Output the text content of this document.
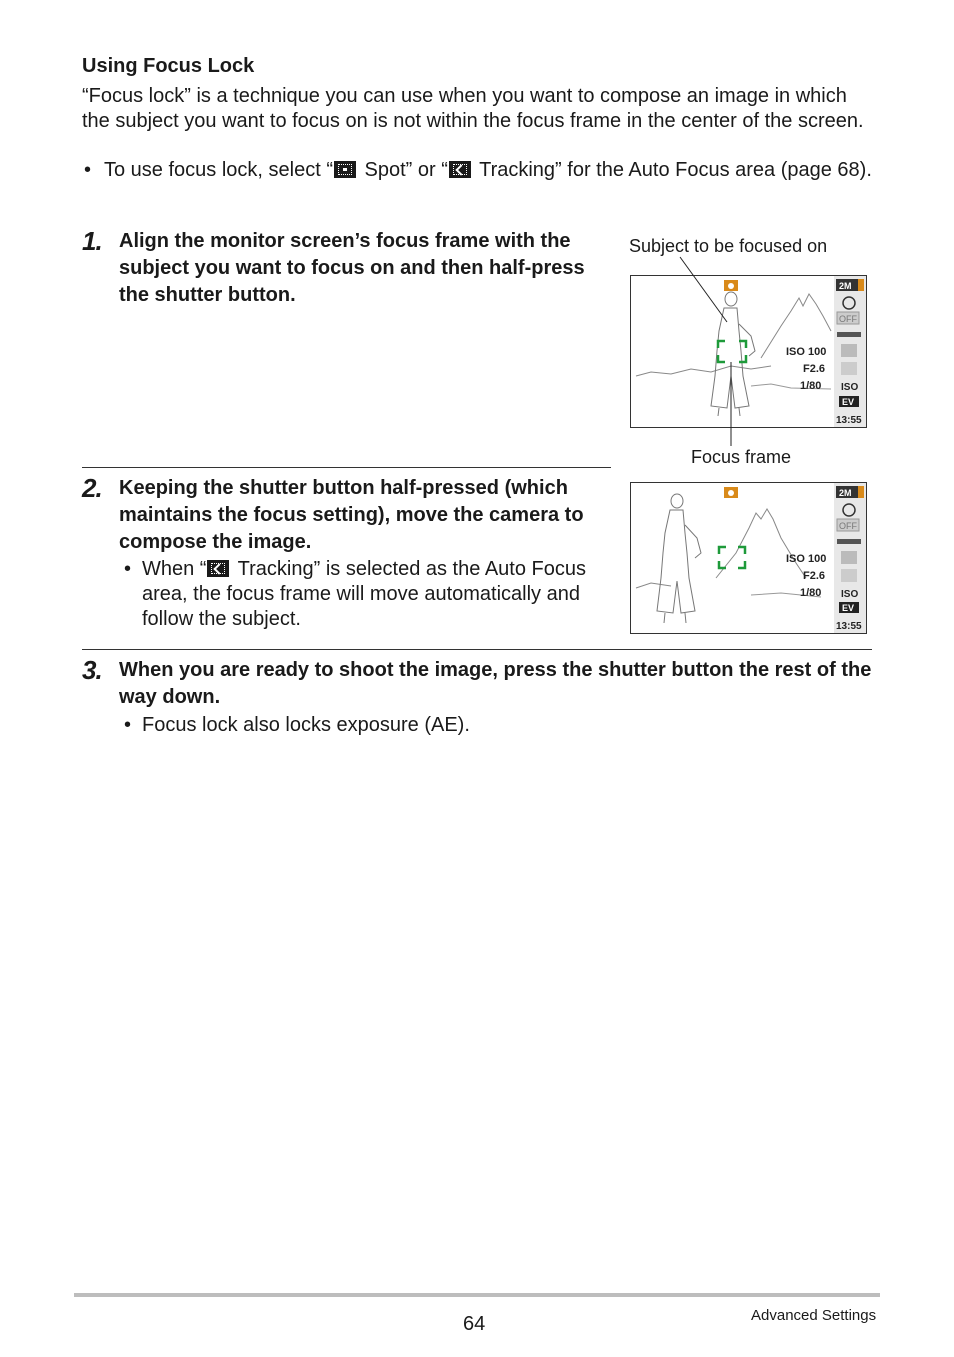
Using Focus Lock
“Focus lock” is a technique you can use when you want to compose an image in which the subject you want to focus on is not within the focus frame in the center of the screen.
• To use focus lock, select “ Spot” or “ Tracking” for the Auto Focus area (page 68).
1. Align the monitor screen’s focus frame with the subject you want to focus on and then half-press the shutter button.
Subject to be focused on
Focus frame
ISO 100
F2.6
1/80
2M
OFF
ISO
EV
13:55
2. Keeping the shutter button half-pressed (which maintains the focus setting), move the camera to compose the image.
• When “ Tracking” is selected as the Auto Focus area, the focus frame will move automatically and follow the subject.
ISO 100
F2.6
1/80
2M
OFF
ISO
EV
13:55
3. When you are ready to shoot the image, press the shutter button the rest of the way down.
• Focus lock also locks exposure (AE).
64	Advanced Settings
